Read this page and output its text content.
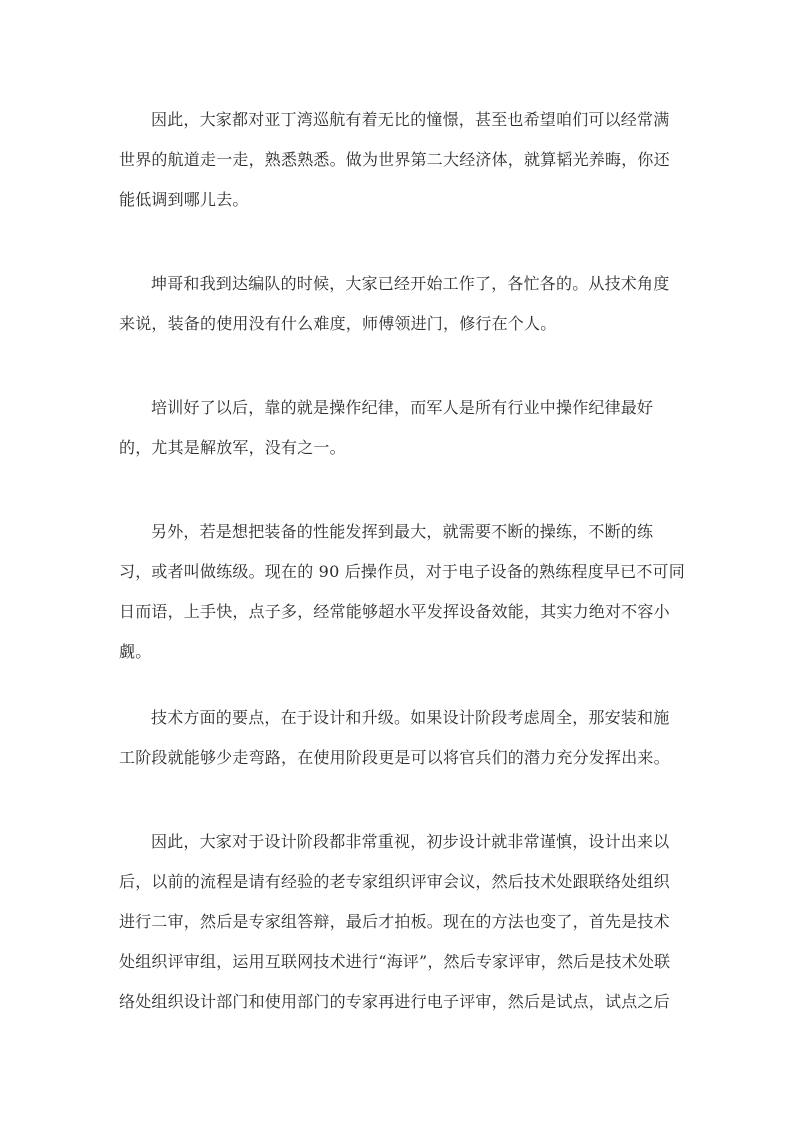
因此，大家都对亚丁湾巡航有着无比的憧憬，甚至也希望咱们可以经常满
世界的航道走一走，熟悉熟悉。做为世界第二大经济体，就算韬光养晦，你还
能低调到哪儿去。
坤哥和我到达编队的时候，大家已经开始工作了，各忙各的。从技术角度
来说，装备的使用没有什么难度，师傅领进门，修行在个人。
培训好了以后，靠的就是操作纪律，而军人是所有行业中操作纪律最好
的，尤其是解放军，没有之一。
另外，若是想把装备的性能发挥到最大，就需要不断的操练，不断的练
习，或者叫做练级。现在的 90 后操作员，对于电子设备的熟练程度早已不可同
日而语，上手快，点子多，经常能够超水平发挥设备效能，其实力绝对不容小
觑。
技术方面的要点，在于设计和升级。如果设计阶段考虑周全，那安装和施
工阶段就能够少走弯路，在使用阶段更是可以将官兵们的潜力充分发挥出来。
因此，大家对于设计阶段都非常重视，初步设计就非常谨慎，设计出来以
后，以前的流程是请有经验的老专家组织评审会议，然后技术处跟联络处组织
进行二审，然后是专家组答辩，最后才拍板。现在的方法也变了，首先是技术
处组织评审组，运用互联网技术进行“海评”，然后专家评审，然后是技术处联
络处组织设计部门和使用部门的专家再进行电子评审，然后是试点，试点之后
